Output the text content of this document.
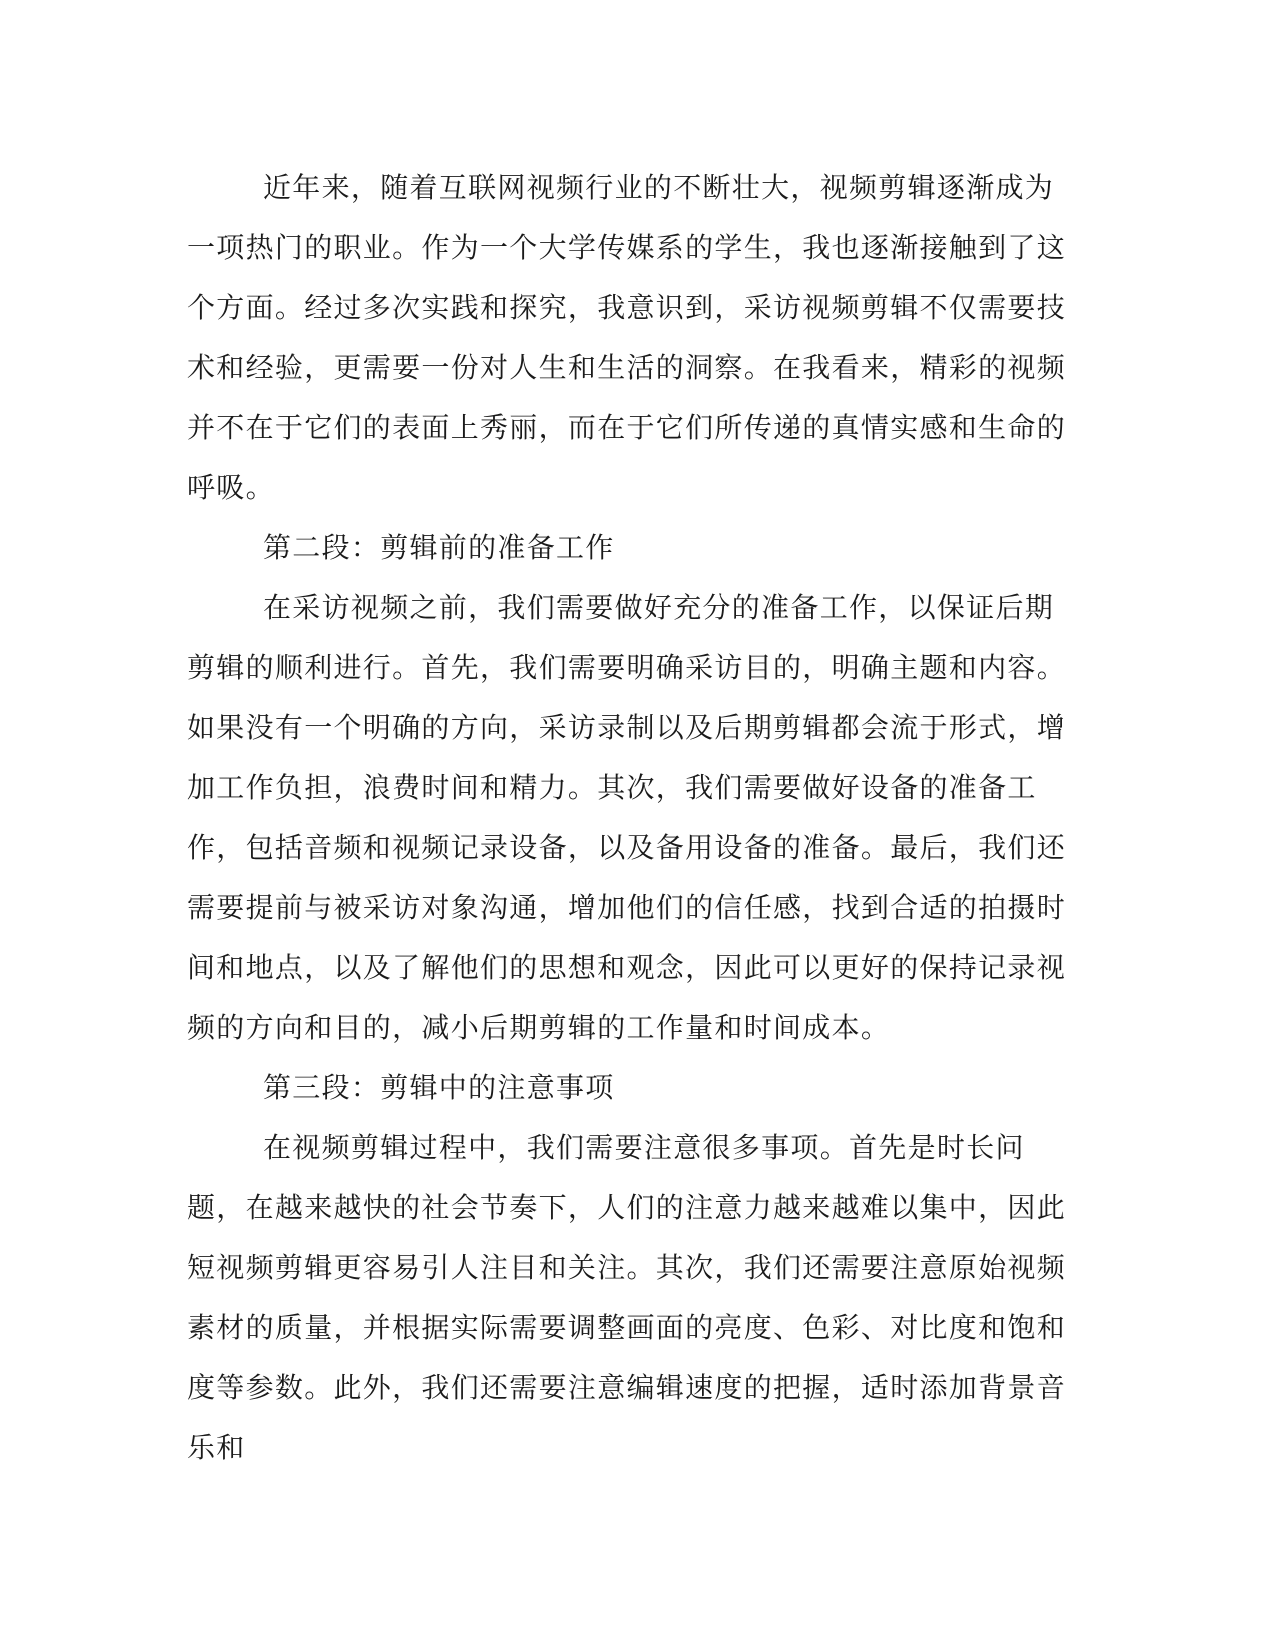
近年来，随着互联网视频行业的不断壮大，视频剪辑逐渐成为一项热门的职业。作为一个大学传媒系的学生，我也逐渐接触到了这个方面。经过多次实践和探究，我意识到，采访视频剪辑不仅需要技术和经验，更需要一份对人生和生活的洞察。在我看来，精彩的视频并不在于它们的表面上秀丽，而在于它们所传递的真情实感和生命的呼吸。

第二段：剪辑前的准备工作

在采访视频之前，我们需要做好充分的准备工作，以保证后期剪辑的顺利进行。首先，我们需要明确采访目的，明确主题和内容。如果没有一个明确的方向，采访录制以及后期剪辑都会流于形式，增加工作负担，浪费时间和精力。其次，我们需要做好设备的准备工作，包括音频和视频记录设备，以及备用设备的准备。最后，我们还需要提前与被采访对象沟通，增加他们的信任感，找到合适的拍摄时间和地点，以及了解他们的思想和观念，因此可以更好的保持记录视频的方向和目的，减小后期剪辑的工作量和时间成本。

第三段：剪辑中的注意事项

在视频剪辑过程中，我们需要注意很多事项。首先是时长问题，在越来越快的社会节奏下，人们的注意力越来越难以集中，因此短视频剪辑更容易引人注目和关注。其次，我们还需要注意原始视频素材的质量，并根据实际需要调整画面的亮度、色彩、对比度和饱和度等参数。此外，我们还需要注意编辑速度的把握，适时添加背景音乐和
